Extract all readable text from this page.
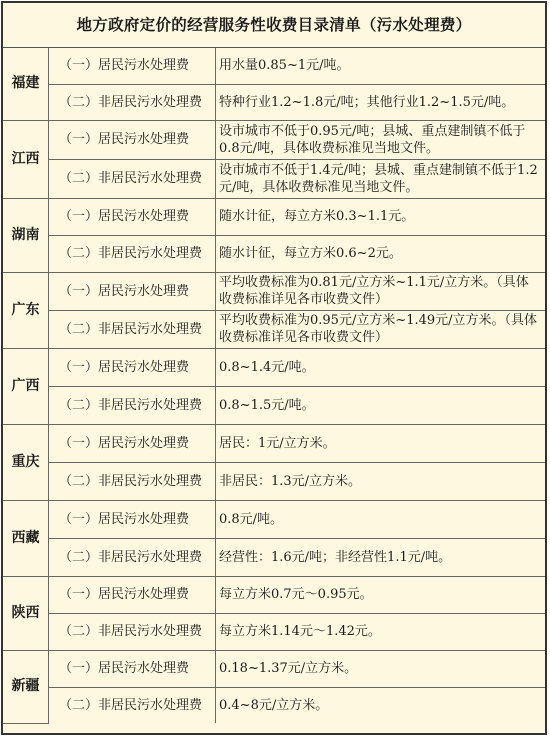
地方政府定价的经营服务性收费目录清单（污水处理费）
福建	（一）居民污水处理费	用水量0.85~1元/吨。
	（二）非居民污水处理费	特种行业1.2~1.8元/吨；其他行业1.2~1.5元/吨。
江西	（一）居民污水处理费	设市城市不低于0.95元/吨；县城、重点建制镇不低于0.8元/吨，具体收费标准见当地文件。
	（二）非居民污水处理费	设市城市不低于1.4元/吨；县城、重点建制镇不低于1.2元/吨，具体收费标准见当地文件。
湖南	（一）居民污水处理费	随水计征，每立方米0.3~1.1元。
	（二）非居民污水处理费	随水计征，每立方米0.6~2元。
广东	（一）居民污水处理费	平均收费标准为0.81元/立方米~1.1元/立方米。（具体收费标准详见各市收费文件）
	（二）非居民污水处理费	平均收费标准为0.95元/立方米~1.49元/立方米。（具体收费标准详见各市收费文件）
广西	（一）居民污水处理费	0.8~1.4元/吨。
	（二）非居民污水处理费	0.8~1.5元/吨。
重庆	（一）居民污水处理费	居民：1元/立方米。
	（二）非居民污水处理费	非居民：1.3元/立方米。
西藏	（一）居民污水处理费	0.8元/吨。
	（二）非居民污水处理费	经营性：1.6元/吨；非经营性1.1元/吨。
陕西	（一）居民污水处理费	每立方米0.7元～0.95元。
	（二）非居民污水处理费	每立方米1.14元～1.42元。
新疆	（一）居民污水处理费	0.18~1.37元/立方米。
	（二）非居民污水处理费	0.4~8元/立方米。
